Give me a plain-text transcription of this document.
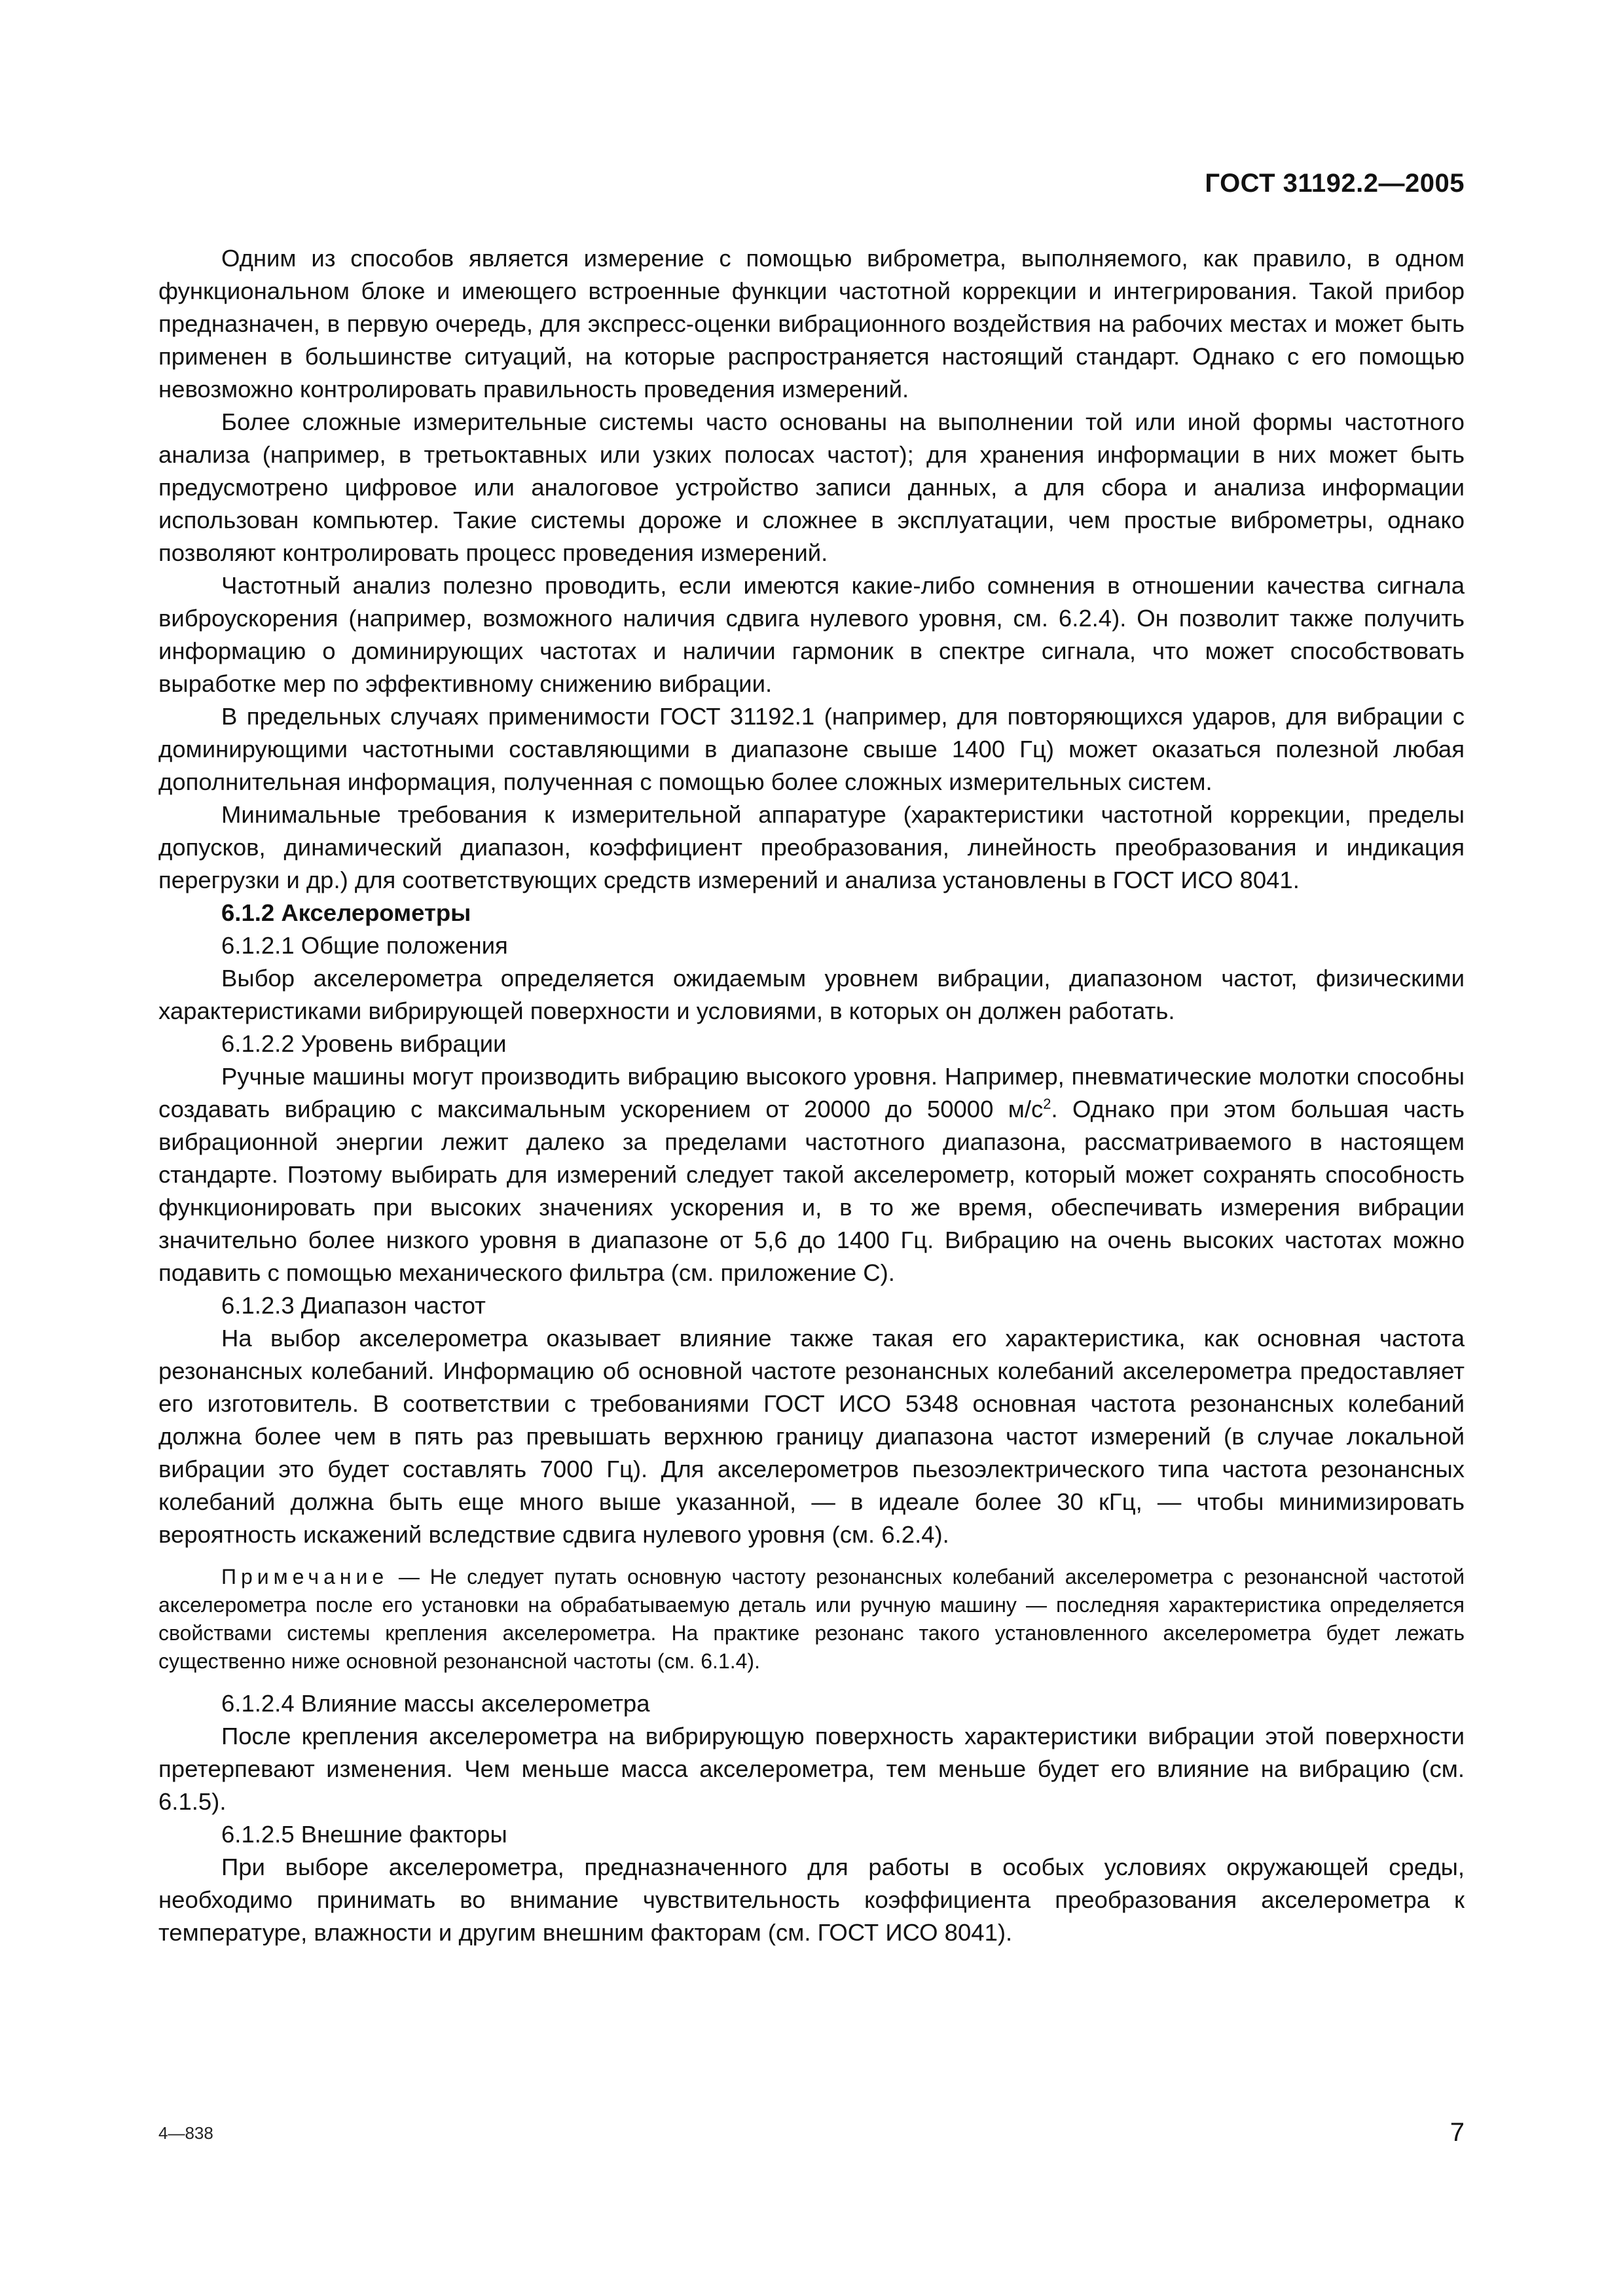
ГОСТ 31192.2—2005

Одним из способов является измерение с помощью виброметра, выполняемого, как правило, в одном функциональном блоке и имеющего встроенные функции частотной коррекции и интегрирования. Такой прибор предназначен, в первую очередь, для экспресс-оценки вибрационного воздействия на рабочих местах и может быть применен в большинстве ситуаций, на которые распространяется настоящий стандарт. Однако с его помощью невозможно контролировать правильность проведения измерений.

Более сложные измерительные системы часто основаны на выполнении той или иной формы частотного анализа (например, в третьоктавных или узких полосах частот); для хранения информации в них может быть предусмотрено цифровое или аналоговое устройство записи данных, а для сбора и анализа информации использован компьютер. Такие системы дороже и сложнее в эксплуатации, чем простые виброметры, однако позволяют контролировать процесс проведения измерений.

Частотный анализ полезно проводить, если имеются какие-либо сомнения в отношении качества сигнала виброускорения (например, возможного наличия сдвига нулевого уровня, см. 6.2.4). Он позволит также получить информацию о доминирующих частотах и наличии гармоник в спектре сигнала, что может способствовать выработке мер по эффективному снижению вибрации.

В предельных случаях применимости ГОСТ 31192.1 (например, для повторяющихся ударов, для вибрации с доминирующими частотными составляющими в диапазоне свыше 1400 Гц) может оказаться полезной любая дополнительная информация, полученная с помощью более сложных измерительных систем.

Минимальные требования к измерительной аппаратуре (характеристики частотной коррекции, пределы допусков, динамический диапазон, коэффициент преобразования, линейность преобразования и индикация перегрузки и др.) для соответствующих средств измерений и анализа установлены в ГОСТ ИСО 8041.

6.1.2 Акселерометры

6.1.2.1 Общие положения

Выбор акселерометра определяется ожидаемым уровнем вибрации, диапазоном частот, физическими характеристиками вибрирующей поверхности и условиями, в которых он должен работать.

6.1.2.2 Уровень вибрации

Ручные машины могут производить вибрацию высокого уровня. Например, пневматические молотки способны создавать вибрацию с максимальным ускорением от 20000 до 50000 $м/с^2$. Однако при этом большая часть вибрационной энергии лежит далеко за пределами частотного диапазона, рассматриваемого в настоящем стандарте. Поэтому выбирать для измерений следует такой акселерометр, который может сохранять способность функционировать при высоких значениях ускорения и, в то же время, обеспечивать измерения вибрации значительно более низкого уровня в диапазоне от 5,6 до 1400 Гц. Вибрацию на очень высоких частотах можно подавить с помощью механического фильтра (см. приложение С).

6.1.2.3 Диапазон частот

На выбор акселерометра оказывает влияние также такая его характеристика, как основная частота резонансных колебаний. Информацию об основной частоте резонансных колебаний акселерометра предоставляет его изготовитель. В соответствии с требованиями ГОСТ ИСО 5348 основная частота резонансных колебаний должна более чем в пять раз превышать верхнюю границу диапазона частот измерений (в случае локальной вибрации это будет составлять 7000 Гц). Для акселерометров пьезоэлектрического типа частота резонансных колебаний должна быть еще много выше указанной, — в идеале более 30 кГц, — чтобы минимизировать вероятность искажений вследствие сдвига нулевого уровня (см. 6.2.4).

Примечание — Не следует путать основную частоту резонансных колебаний акселерометра с резонансной частотой акселерометра после его установки на обрабатываемую деталь или ручную машину — последняя характеристика определяется свойствами системы крепления акселерометра. На практике резонанс такого установленного акселерометра будет лежать существенно ниже основной резонансной частоты (см. 6.1.4).

6.1.2.4 Влияние массы акселерометра

После крепления акселерометра на вибрирующую поверхность характеристики вибрации этой поверхности претерпевают изменения. Чем меньше масса акселерометра, тем меньше будет его влияние на вибрацию (см. 6.1.5).

6.1.2.5 Внешние факторы

При выборе акселерометра, предназначенного для работы в особых условиях окружающей среды, необходимо принимать во внимание чувствительность коэффициента преобразования акселерометра к температуре, влажности и другим внешним факторам (см. ГОСТ ИСО 8041).

4—838	7
